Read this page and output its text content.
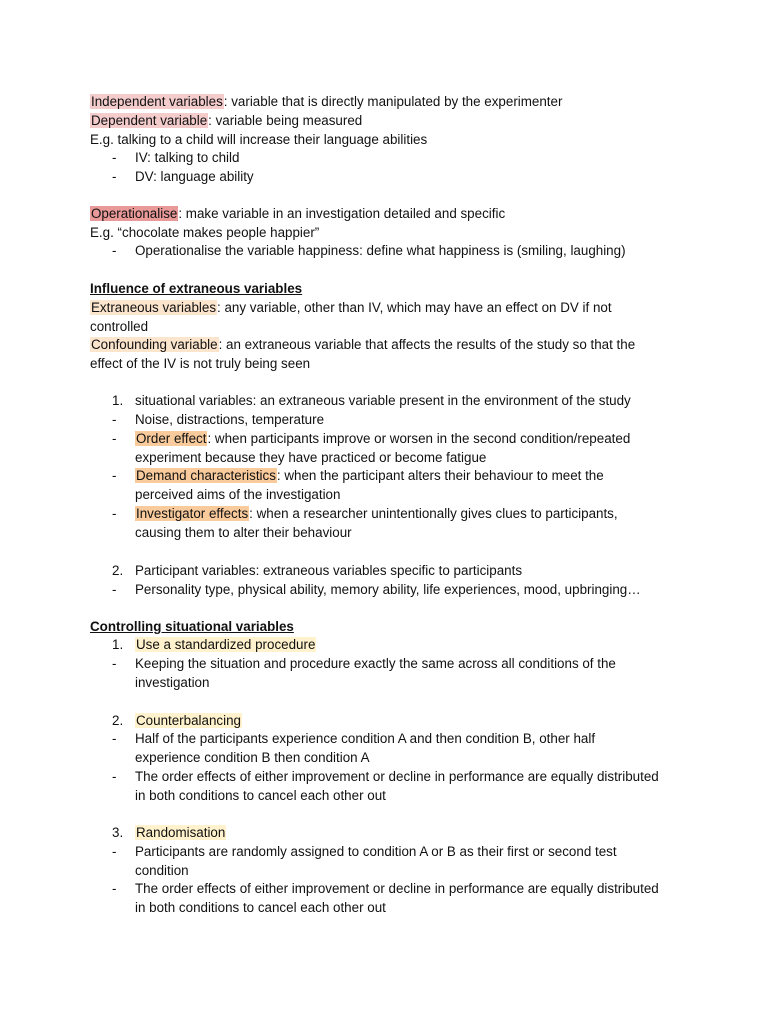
Independent variables: variable that is directly manipulated by the experimenter
Dependent variable: variable being measured
E.g. talking to a child will increase their language abilities
- IV: talking to child
- DV: language ability
Operationalise: make variable in an investigation detailed and specific
E.g. “chocolate makes people happier”
- Operationalise the variable happiness: define what happiness is (smiling, laughing)
Influence of extraneous variables
Extraneous variables: any variable, other than IV, which may have an effect on DV if not
controlled
Confounding variable: an extraneous variable that affects the results of the study so that the
effect of the IV is not truly being seen
1. situational variables: an extraneous variable present in the environment of the study
- Noise, distractions, temperature
- Order effect: when participants improve or worsen in the second condition/repeated
experiment because they have practiced or become fatigue
- Demand characteristics: when the participant alters their behaviour to meet the
perceived aims of the investigation
- Investigator effects: when a researcher unintentionally gives clues to participants,
causing them to alter their behaviour
2. Participant variables: extraneous variables specific to participants
- Personality type, physical ability, memory ability, life experiences, mood, upbringing…
Controlling situational variables
1. Use a standardized procedure
- Keeping the situation and procedure exactly the same across all conditions of the
investigation
2. Counterbalancing
- Half of the participants experience condition A and then condition B, other half
experience condition B then condition A
- The order effects of either improvement or decline in performance are equally distributed
in both conditions to cancel each other out
3. Randomisation
- Participants are randomly assigned to condition A or B as their first or second test
condition
- The order effects of either improvement or decline in performance are equally distributed
in both conditions to cancel each other out
